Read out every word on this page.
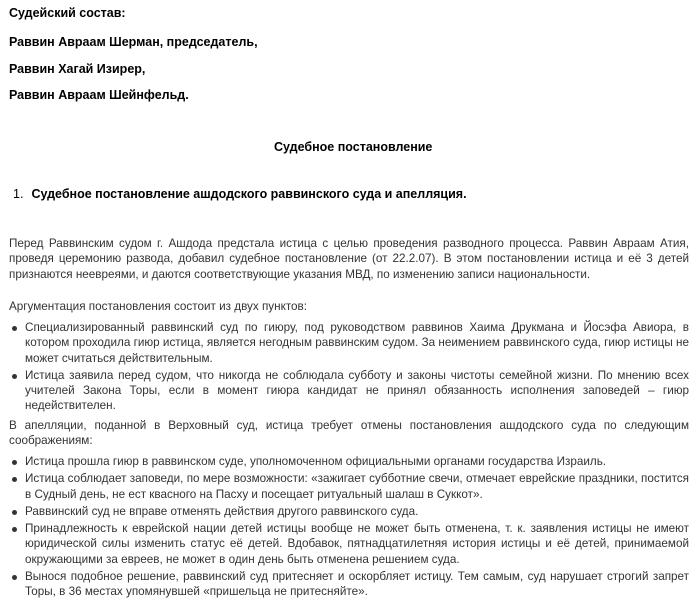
Судейский состав:
Раввин Авраам Шерман, председатель,
Раввин Хагай Изирер,
Раввин Авраам Шейнфельд.
Судебное постановление
1. Судебное постановление ашдодского раввинского суда и апелляция.
Перед Раввинским судом г. Ашдода предстала истица с целью проведения разводного процесса. Раввин Авраам Атия, проведя церемонию развода, добавил судебное постановление (от 22.2.07). В этом постановлении истица и её 3 детей признаются неевреями, и даются соответствующие указания МВД, по изменению записи национальности.
Аргументация постановления состоит из двух пунктов:
Специализированный раввинский суд по гиюру, под руководством раввинов Хаима Друкмана и Йосэфа Авиора, в котором проходила гиюр истица, является негодным раввинским судом. За неимением раввинского суда, гиюр истицы не может считаться действительным.
Истица заявила перед судом, что никогда не соблюдала субботу и законы чистоты семейной жизни. По мнению всех учителей Закона Торы, если в момент гиюра кандидат не принял обязанность исполнения заповедей – гиюр недействителен.
В апелляции, поданной в Верховный суд, истица требует отмены постановления ашдодского суда по следующим соображениям:
Истица прошла гиюр в раввинском суде, уполномоченном официальными органами государства Израиль.
Истица соблюдает заповеди, по мере возможности: «зажигает субботние свечи, отмечает еврейские праздники, постится в Судный день, не ест квасного на Пасху и посещает ритуальный шалаш в Суккот».
Раввинский суд не вправе отменять действия другого раввинского суда.
Принадлежность к еврейской нации детей истицы вообще не может быть отменена, т. к. заявления истицы не имеют юридической силы изменить статус её детей. Вдобавок, пятнадцатилетняя история истицы и её детей, принимаемой окружающими за евреев, не может в один день быть отменена решением суда.
Вынося подобное решение, раввинский суд притесняет и оскорбляет истицу. Тем самым, суд нарушает строгий запрет Торы, в 36 местах упомянувшей «пришельца не притесняйте».
